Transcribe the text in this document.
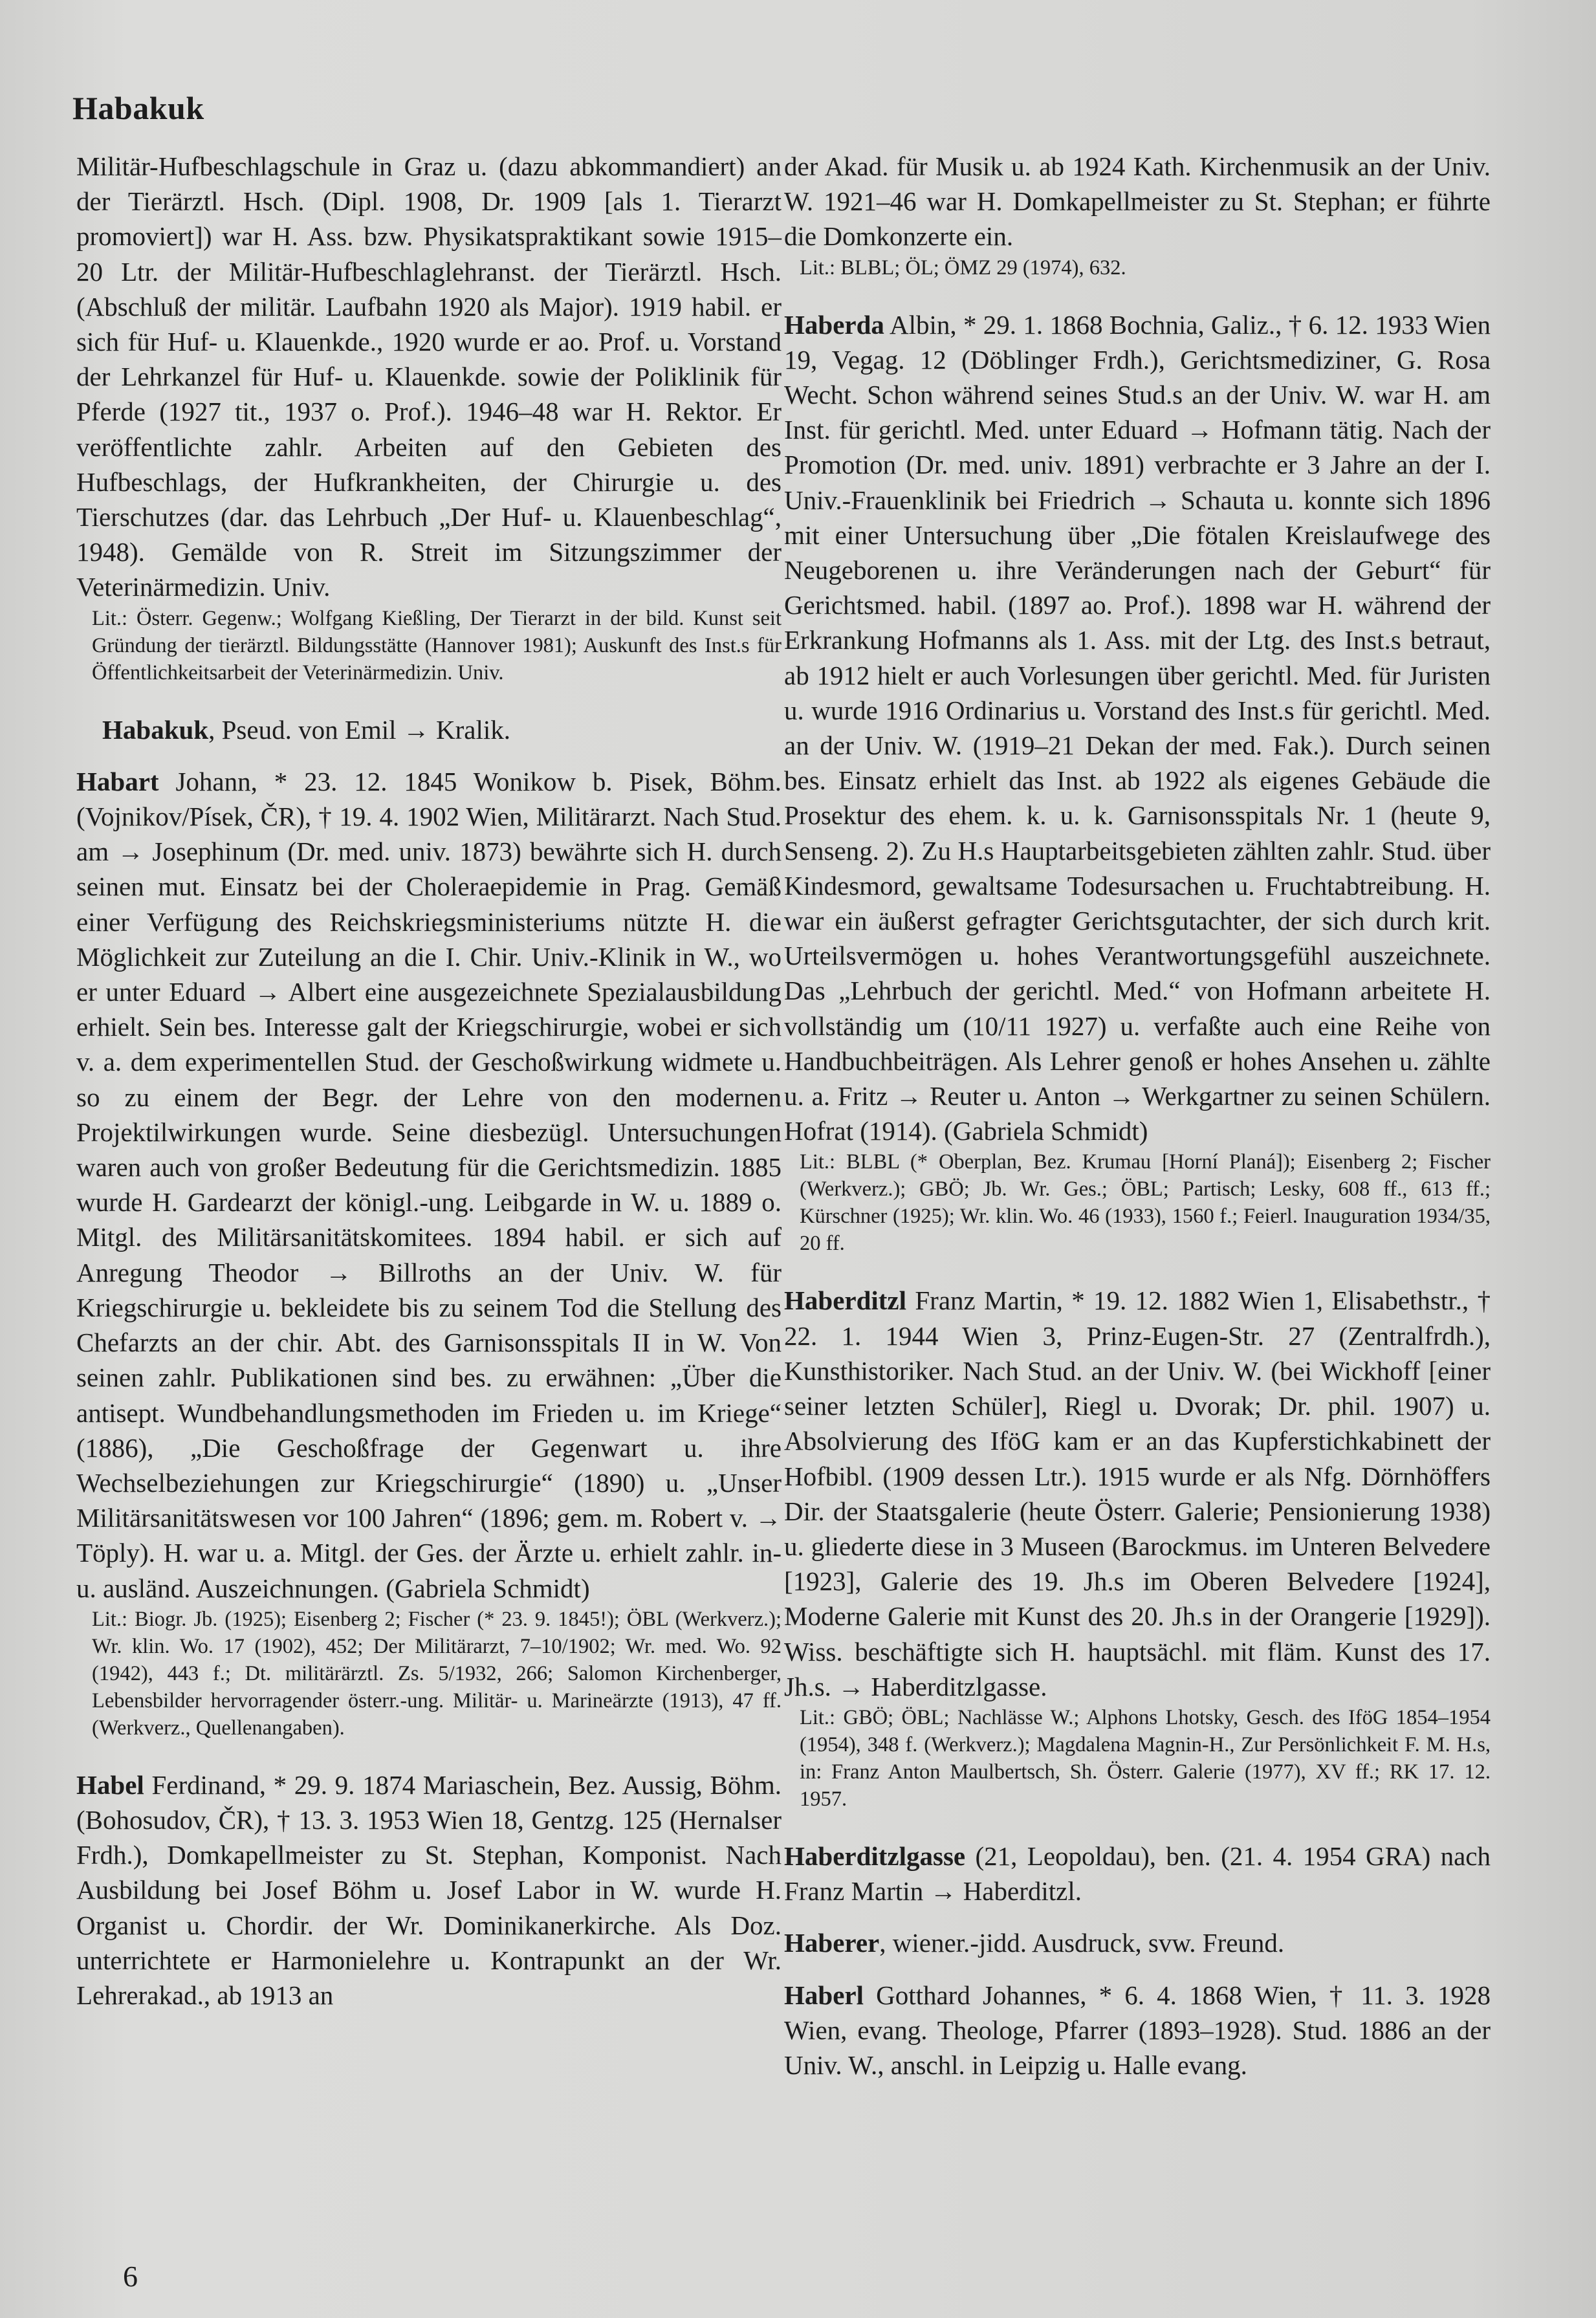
Habakuk

Militär-Hufbeschlagschule in Graz u. (dazu abkommandiert) an der Tierärztl. Hsch. (Dipl. 1908, Dr. 1909 [als 1. Tierarzt promoviert]) war H. Ass. bzw. Physikatspraktikant sowie 1915–20 Ltr. der Militär-Hufbeschlaglehranst. der Tierärztl. Hsch. (Abschluß der militär. Laufbahn 1920 als Major). 1919 habil. er sich für Huf- u. Klauenkde., 1920 wurde er ao. Prof. u. Vorstand der Lehrkanzel für Huf- u. Klauenkde. sowie der Poliklinik für Pferde (1927 tit., 1937 o. Prof.). 1946–48 war H. Rektor. Er veröffentlichte zahlr. Arbeiten auf den Gebieten des Hufbeschlags, der Hufkrankheiten, der Chirurgie u. des Tierschutzes (dar. das Lehrbuch „Der Huf- u. Klauenbeschlag“, 1948). Gemälde von R. Streit im Sitzungszimmer der Veterinärmedizin. Univ.

Lit.: Österr. Gegenw.; Wolfgang Kießling, Der Tierarzt in der bild. Kunst seit Gründung der tierärztl. Bildungsstätte (Hannover 1981); Auskunft des Inst.s für Öffentlichkeitsarbeit der Veterinärmedizin. Univ.

Habakuk, Pseud. von Emil → Kralik.

Habart Johann, * 23. 12. 1845 Wonikow b. Pisek, Böhm. (Vojnikov/Písek, ČR), † 19. 4. 1902 Wien, Militärarzt. Nach Stud. am → Josephinum (Dr. med. univ. 1873) bewährte sich H. durch seinen mut. Einsatz bei der Choleraepidemie in Prag. Gemäß einer Verfügung des Reichskriegsministeriums nützte H. die Möglichkeit zur Zuteilung an die I. Chir. Univ.-Klinik in W., wo er unter Eduard → Albert eine ausgezeichnete Spezialausbildung erhielt. Sein bes. Interesse galt der Kriegschirurgie, wobei er sich v. a. dem experimentellen Stud. der Geschoßwirkung widmete u. so zu einem der Begr. der Lehre von den modernen Projektilwirkungen wurde. Seine diesbezügl. Untersuchungen waren auch von großer Bedeutung für die Gerichtsmedizin. 1885 wurde H. Gardearzt der königl.-ung. Leibgarde in W. u. 1889 o. Mitgl. des Militärsanitätskomitees. 1894 habil. er sich auf Anregung Theodor → Billroths an der Univ. W. für Kriegschirurgie u. bekleidete bis zu seinem Tod die Stellung des Chefarzts an der chir. Abt. des Garnisonsspitals II in W. Von seinen zahlr. Publikationen sind bes. zu erwähnen: „Über die antisept. Wundbehandlungsmethoden im Frieden u. im Kriege“ (1886), „Die Geschoßfrage der Gegenwart u. ihre Wechselbeziehungen zur Kriegschirurgie“ (1890) u. „Unser Militärsanitätswesen vor 100 Jahren“ (1896; gem. m. Robert v. → Töply). H. war u. a. Mitgl. der Ges. der Ärzte u. erhielt zahlr. in- u. ausländ. Auszeichnungen. (Gabriela Schmidt)

Lit.: Biogr. Jb. (1925); Eisenberg 2; Fischer (* 23. 9. 1845!); ÖBL (Werkverz.); Wr. klin. Wo. 17 (1902), 452; Der Militärarzt, 7–10/1902; Wr. med. Wo. 92 (1942), 443 f.; Dt. militärärztl. Zs. 5/1932, 266; Salomon Kirchenberger, Lebensbilder hervorragender österr.-ung. Militär- u. Marineärzte (1913), 47 ff. (Werkverz., Quellenangaben).

Habel Ferdinand, * 29. 9. 1874 Mariaschein, Bez. Aussig, Böhm. (Bohosudov, ČR), † 13. 3. 1953 Wien 18, Gentzg. 125 (Hernalser Frdh.), Domkapellmeister zu St. Stephan, Komponist. Nach Ausbildung bei Josef Böhm u. Josef Labor in W. wurde H. Organist u. Chordir. der Wr. Dominikanerkirche. Als Doz. unterrichtete er Harmonielehre u. Kontrapunkt an der Wr. Lehrerakad., ab 1913 an

der Akad. für Musik u. ab 1924 Kath. Kirchenmusik an der Univ. W. 1921–46 war H. Domkapellmeister zu St. Stephan; er führte die Domkonzerte ein.

Lit.: BLBL; ÖL; ÖMZ 29 (1974), 632.

Haberda Albin, * 29. 1. 1868 Bochnia, Galiz., † 6. 12. 1933 Wien 19, Vegag. 12 (Döblinger Frdh.), Gerichtsmediziner, G. Rosa Wecht. Schon während seines Stud.s an der Univ. W. war H. am Inst. für gerichtl. Med. unter Eduard → Hofmann tätig. Nach der Promotion (Dr. med. univ. 1891) verbrachte er 3 Jahre an der I. Univ.-Frauenklinik bei Friedrich → Schauta u. konnte sich 1896 mit einer Untersuchung über „Die fötalen Kreislaufwege des Neugeborenen u. ihre Veränderungen nach der Geburt“ für Gerichtsmed. habil. (1897 ao. Prof.). 1898 war H. während der Erkrankung Hofmanns als 1. Ass. mit der Ltg. des Inst.s betraut, ab 1912 hielt er auch Vorlesungen über gerichtl. Med. für Juristen u. wurde 1916 Ordinarius u. Vorstand des Inst.s für gerichtl. Med. an der Univ. W. (1919–21 Dekan der med. Fak.). Durch seinen bes. Einsatz erhielt das Inst. ab 1922 als eigenes Gebäude die Prosektur des ehem. k. u. k. Garnisonsspitals Nr. 1 (heute 9, Senseng. 2). Zu H.s Hauptarbeitsgebieten zählten zahlr. Stud. über Kindesmord, gewaltsame Todesursachen u. Fruchtabtreibung. H. war ein äußerst gefragter Gerichtsgutachter, der sich durch krit. Urteilsvermögen u. hohes Verantwortungsgefühl auszeichnete. Das „Lehrbuch der gerichtl. Med.“ von Hofmann arbeitete H. vollständig um (10/11 1927) u. verfaßte auch eine Reihe von Handbuchbeiträgen. Als Lehrer genoß er hohes Ansehen u. zählte u. a. Fritz → Reuter u. Anton → Werkgartner zu seinen Schülern. Hofrat (1914). (Gabriela Schmidt)

Lit.: BLBL (* Oberplan, Bez. Krumau [Horní Planá]); Eisenberg 2; Fischer (Werkverz.); GBÖ; Jb. Wr. Ges.; ÖBL; Partisch; Lesky, 608 ff., 613 ff.; Kürschner (1925); Wr. klin. Wo. 46 (1933), 1560 f.; Feierl. Inauguration 1934/35, 20 ff.

Haberditzl Franz Martin, * 19. 12. 1882 Wien 1, Elisabethstr., † 22. 1. 1944 Wien 3, Prinz-Eugen-Str. 27 (Zentralfrdh.), Kunsthistoriker. Nach Stud. an der Univ. W. (bei Wickhoff [einer seiner letzten Schüler], Riegl u. Dvorak; Dr. phil. 1907) u. Absolvierung des IföG kam er an das Kupferstichkabinett der Hofbibl. (1909 dessen Ltr.). 1915 wurde er als Nfg. Dörnhöffers Dir. der Staatsgalerie (heute Österr. Galerie; Pensionierung 1938) u. gliederte diese in 3 Museen (Barockmus. im Unteren Belvedere [1923], Galerie des 19. Jh.s im Oberen Belvedere [1924], Moderne Galerie mit Kunst des 20. Jh.s in der Orangerie [1929]). Wiss. beschäftigte sich H. hauptsächl. mit fläm. Kunst des 17. Jh.s. → Haberditzlgasse.

Lit.: GBÖ; ÖBL; Nachlässe W.; Alphons Lhotsky, Gesch. des IföG 1854–1954 (1954), 348 f. (Werkverz.); Magdalena Magnin-H., Zur Persönlichkeit F. M. H.s, in: Franz Anton Maulbertsch, Sh. Österr. Galerie (1977), XV ff.; RK 17. 12. 1957.

Haberditzlgasse (21, Leopoldau), ben. (21. 4. 1954 GRA) nach Franz Martin → Haberditzl.

Haberer, wiener.-jidd. Ausdruck, svw. Freund.

Haberl Gotthard Johannes, * 6. 4. 1868 Wien, † 11. 3. 1928 Wien, evang. Theologe, Pfarrer (1893–1928). Stud. 1886 an der Univ. W., anschl. in Leipzig u. Halle evang.

6
